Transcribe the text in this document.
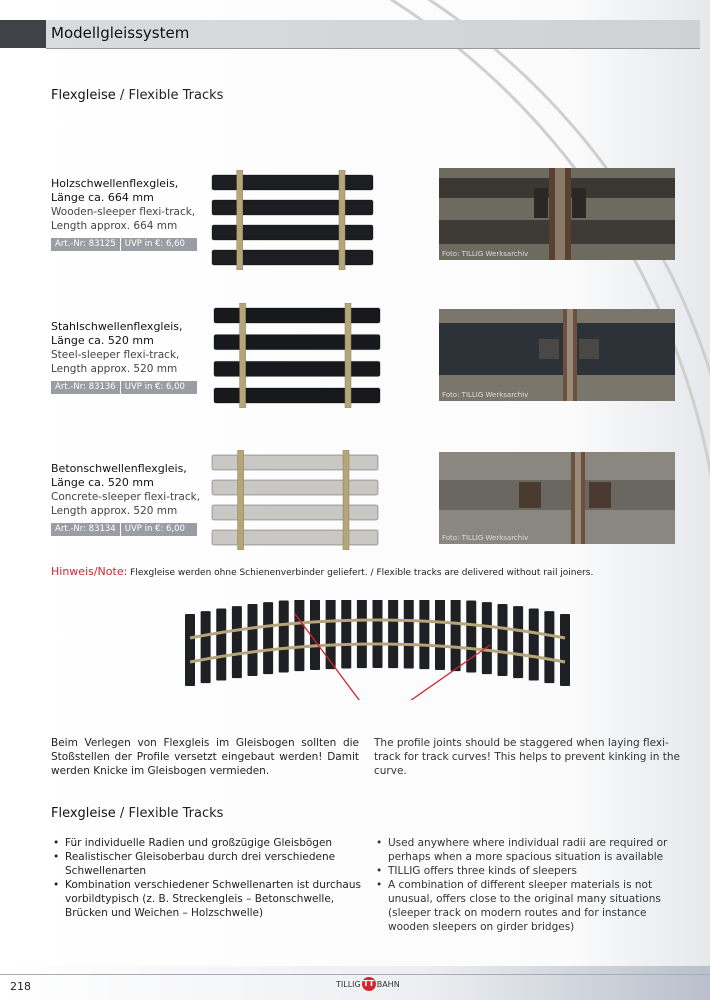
Modellgleissystem
Flexgleise / Flexible Tracks
Holzschwellenflexgleis,
Länge ca. 664 mm
Wooden-sleeper flexi-track,
Length approx. 664 mm
Art.-Nr: 83125	UVP in €: 6,60
Foto: TILLIG Werksarchiv
Stahlschwellenflexgleis,
Länge ca. 520 mm
Steel-sleeper flexi-track,
Length approx. 520 mm
Art.-Nr: 83136	UVP in €: 6,00
Foto: TILLIG Werksarchiv
Betonschwellenflexgleis,
Länge ca. 520 mm
Concrete-sleeper flexi-track,
Length approx. 520 mm
Art.-Nr: 83134	UVP in €: 6,00
Foto: TILLIG Werksarchiv
Hinweis/Note: Flexgleise werden ohne Schienenverbinder geliefert. / Flexible tracks are delivered without rail joiners.
Beim Verlegen von Flexgleis im Gleisbogen sollten die Stoßstellen der Profile versetzt eingebaut werden! Damit werden Knicke im Gleisbogen vermieden.
The profile joints should be staggered when laying flexi-track for track curves! This helps to prevent kinking in the curve.
Flexgleise / Flexible Tracks
• Für individuelle Radien und großzügige Gleisbögen
• Realistischer Gleisoberbau durch drei verschiedene Schwellenarten
• Kombination verschiedener Schwellenarten ist durchaus vorbildtypisch (z. B. Streckengleis – Betonschwelle, Brücken und Weichen – Holzschwelle)
• Used anywhere where individual radii are required or perhaps when a more spacious situation is available
• TILLIG offers three kinds of sleepers
• A combination of different sleeper materials is not unusual, offers close to the original many situations (sleeper track on modern routes and for instance wooden sleepers on girder bridges)
218	TILLIG TT BAHN
